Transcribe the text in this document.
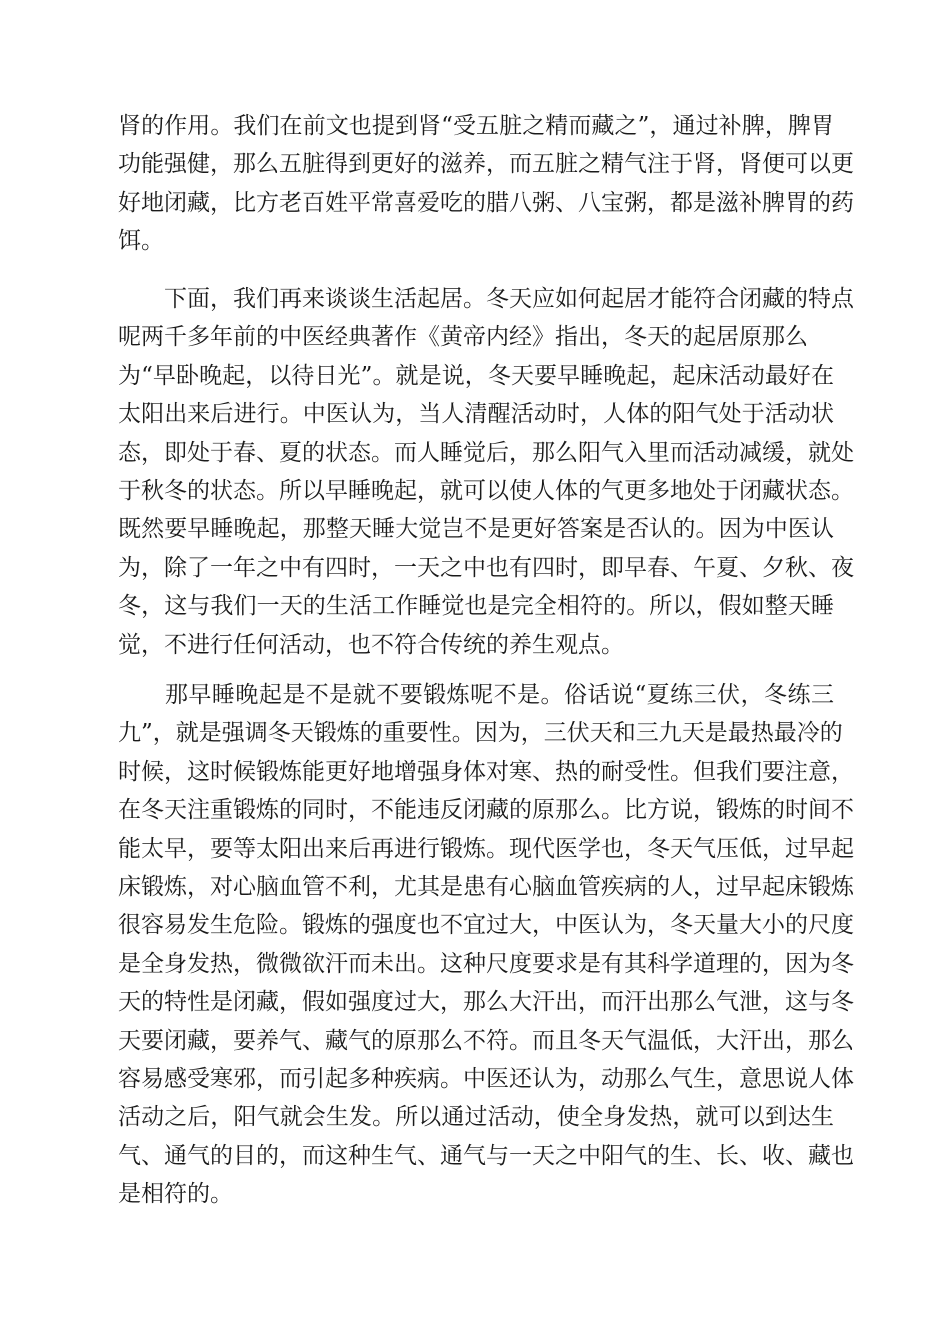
肾的作用。我们在前文也提到肾“受五脏之精而藏之”，通过补脾，脾胃
功能强健，那么五脏得到更好的滋养，而五脏之精气注于肾，肾便可以更
好地闭藏，比方老百姓平常喜爱吃的腊八粥、八宝粥，都是滋补脾胃的药
饵。
　　下面，我们再来谈谈生活起居。冬天应如何起居才能符合闭藏的特点
呢两千多年前的中医经典著作《黄帝内经》指出，冬天的起居原那么
为“早卧晚起，以待日光”。就是说，冬天要早睡晚起，起床活动最好在
太阳出来后进行。中医认为，当人清醒活动时，人体的阳气处于活动状
态，即处于春、夏的状态。而人睡觉后，那么阳气入里而活动减缓，就处
于秋冬的状态。所以早睡晚起，就可以使人体的气更多地处于闭藏状态。
既然要早睡晚起，那整天睡大觉岂不是更好答案是否认的。因为中医认
为，除了一年之中有四时，一天之中也有四时，即早春、午夏、夕秋、夜
冬，这与我们一天的生活工作睡觉也是完全相符的。所以，假如整天睡
觉，不进行任何活动，也不符合传统的养生观点。
　　那早睡晚起是不是就不要锻炼呢不是。俗话说“夏练三伏，冬练三
九”，就是强调冬天锻炼的重要性。因为，三伏天和三九天是最热最冷的
时候，这时候锻炼能更好地增强身体对寒、热的耐受性。但我们要注意，
在冬天注重锻炼的同时，不能违反闭藏的原那么。比方说，锻炼的时间不
能太早，要等太阳出来后再进行锻炼。现代医学也，冬天气压低，过早起
床锻炼，对心脑血管不利，尤其是患有心脑血管疾病的人，过早起床锻炼
很容易发生危险。锻炼的强度也不宜过大，中医认为，冬天量大小的尺度
是全身发热，微微欲汗而未出。这种尺度要求是有其科学道理的，因为冬
天的特性是闭藏，假如强度过大，那么大汗出，而汗出那么气泄，这与冬
天要闭藏，要养气、藏气的原那么不符。而且冬天气温低，大汗出，那么
容易感受寒邪，而引起多种疾病。中医还认为，动那么气生，意思说人体
活动之后，阳气就会生发。所以通过活动，使全身发热，就可以到达生
气、通气的目的，而这种生气、通气与一天之中阳气的生、长、收、藏也
是相符的。
